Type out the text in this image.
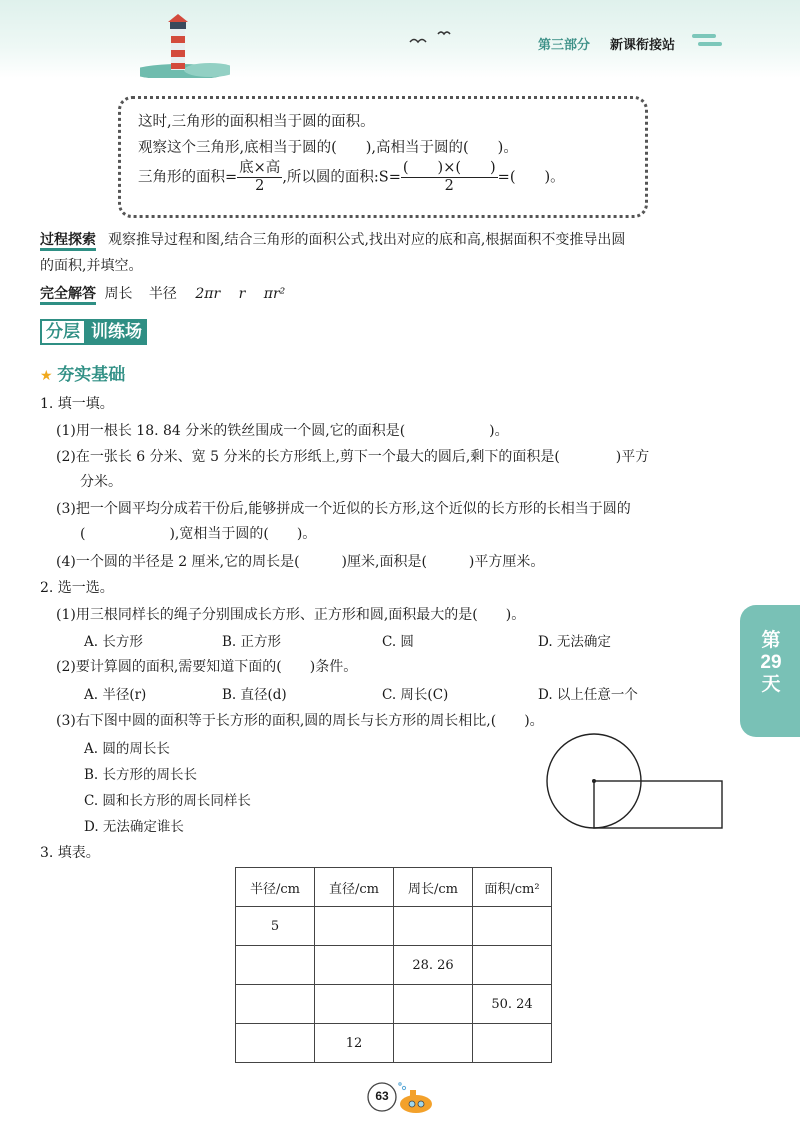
第三部分 新课衔接站
这时,三角形的面积相当于圆的面积。
观察这个三角形,底相当于圆的(　　),高相当于圆的(　　)。
三角形的面积= $\frac{\text{底×高}}{2}$ ,所以圆的面积:S= $\frac{( )\times( )}{2}$ =(　　)。
过程探索 观察推导过程和图,结合三角形的面积公式,找出对应的底和高,根据面积不变推导出圆
的面积,并填空。
完全解答 周长 半径 2πr r πr²
分层 训练场
★ 夯实基础
1. 填一填。
(1)用一根长 18. 84 分米的铁丝围成一个圆,它的面积是(　　　　　　)。
(2)在一张长 6 分米、宽 5 分米的长方形纸上,剪下一个最大的圆后,剩下的面积是(　　　　)平方
分米。
(3)把一个圆平均分成若干份后,能够拼成一个近似的长方形,这个近似的长方形的长相当于圆的
(　　　　　　),宽相当于圆的(　　)。
(4)一个圆的半径是 2 厘米,它的周长是(　　　)厘米,面积是(　　　)平方厘米。
2. 选一选。
(1)用三根同样长的绳子分别围成长方形、正方形和圆,面积最大的是(　　)。
A. 长方形	B. 正方形	C. 圆	D. 无法确定
(2)要计算圆的面积,需要知道下面的(　　)条件。
A. 半径(r)	B. 直径(d)	C. 周长(C)	D. 以上任意一个
(3)右下图中圆的面积等于长方形的面积,圆的周长与长方形的周长相比,(　　)。
A. 圆的周长长
B. 长方形的周长长
C. 圆和长方形的周长同样长
D. 无法确定谁长
3. 填表。
半径/cm	直径/cm	周长/cm	面积/cm²
5			
		28. 26	
			50. 24
	12		
第29天
63
